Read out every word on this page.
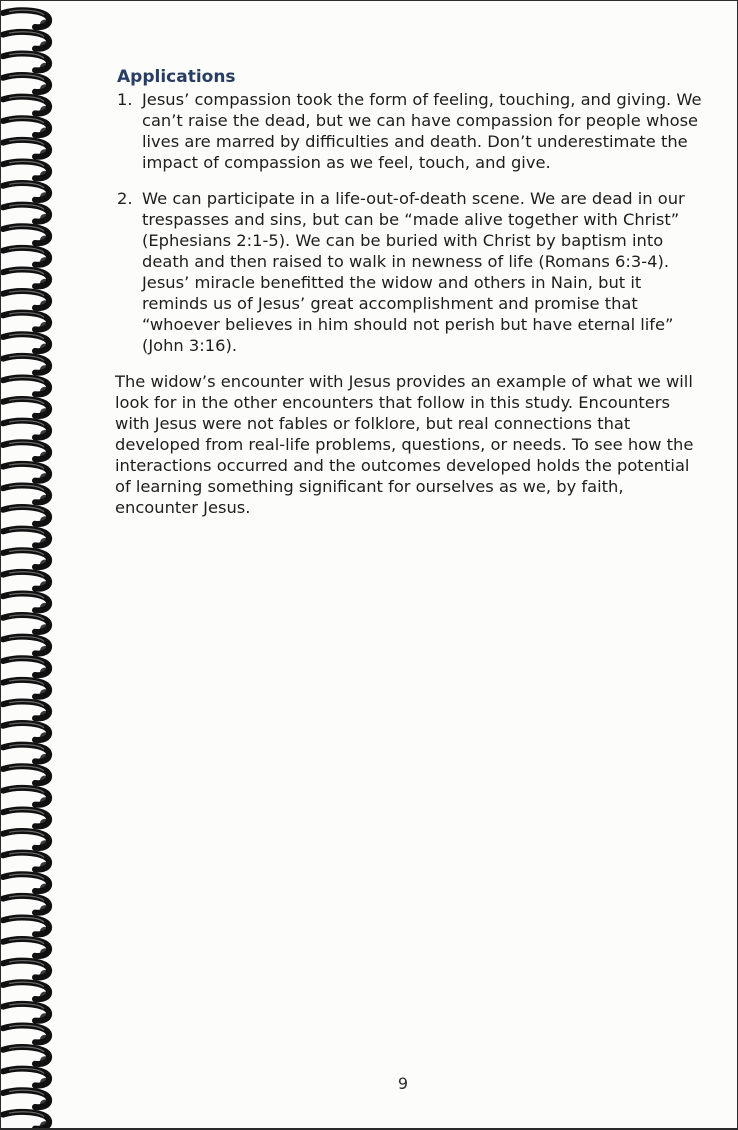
Applications
1. Jesus’ compassion took the form of feeling, touching, and giving. We can’t raise the dead, but we can have compassion for people whose lives are marred by difficulties and death. Don’t underestimate the impact of compassion as we feel, touch, and give.
2. We can participate in a life-out-of-death scene. We are dead in our trespasses and sins, but can be “made alive together with Christ” (Ephesians 2:1-5). We can be buried with Christ by baptism into death and then raised to walk in newness of life (Romans 6:3-4). Jesus’ miracle benefitted the widow and others in Nain, but it reminds us of Jesus’ great accomplishment and promise that “whoever believes in him should not perish but have eternal life” (John 3:16).

The widow’s encounter with Jesus provides an example of what we will look for in the other encounters that follow in this study. Encounters with Jesus were not fables or folklore, but real connections that developed from real-life problems, questions, or needs. To see how the interactions occurred and the outcomes developed holds the potential of learning something significant for ourselves as we, by faith, encounter Jesus.

9
